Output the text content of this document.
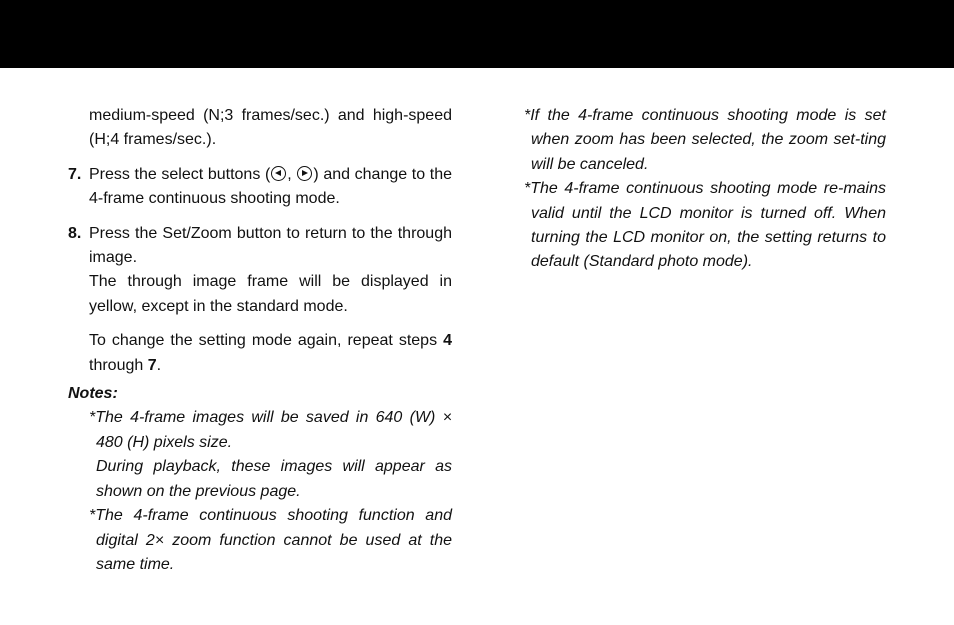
medium-speed (N;3 frames/sec.) and high-speed (H;4 frames/sec.).

7. Press the select buttons ( , ) and change to the 4-frame continuous shooting mode.

8. Press the Set/Zoom button to return to the through image.

The through image frame will be displayed in yellow, except in the standard mode.

To change the setting mode again, repeat steps 4 through 7.

Notes:

*The 4-frame images will be saved in 640 (W) × 480 (H) pixels size.

During playback, these images will appear as shown on the previous page.

*The 4-frame continuous shooting function and digital 2× zoom function cannot be used at the same time.

*If the 4-frame continuous shooting mode is set when zoom has been selected, the zoom set-ting will be canceled.

*The 4-frame continuous shooting mode re-mains valid until the LCD monitor is turned off. When turning the LCD monitor on, the setting returns to default (Standard photo mode).
